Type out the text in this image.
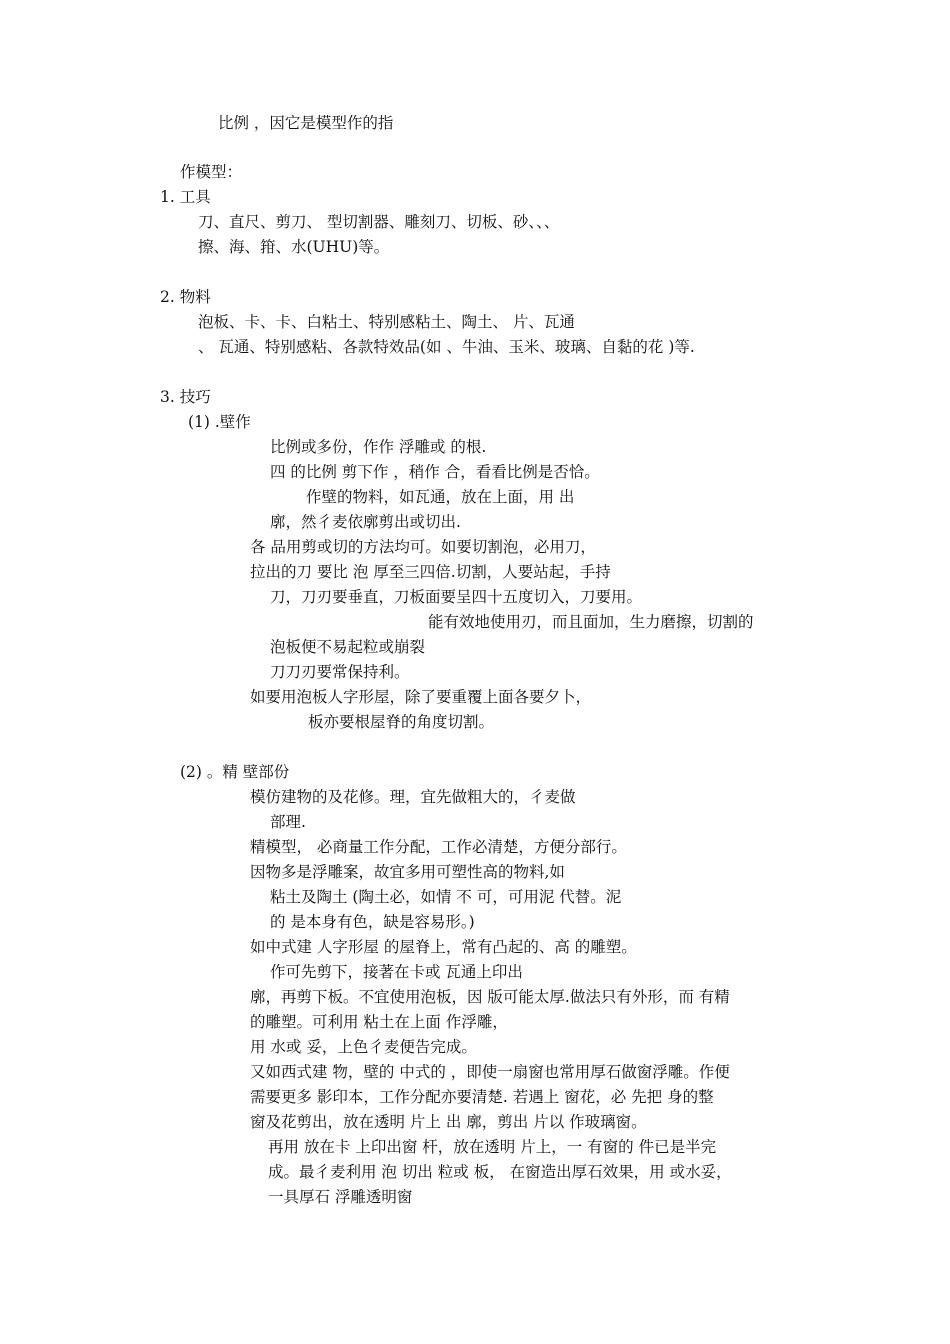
比例 ，因它是模型作的指
作模型：
1. 工具
刀、直尺、剪刀、 型切割器、雕刻刀、切板、砂、、、
擦、海、箝、水(UHU)等。
2. 物料
泡板、卡、卡、白粘土、特别感粘土、陶土、 片、瓦通
、 瓦通、特别感粘、各款特效品(如 、牛油、玉米、玻璃、自黏的花 )等.
3. 技巧
(1) .壁作
比例或多份，作作 浮雕或 的根.
四 的比例 剪下作 ，稍作 合，看看比例是否恰。
作壁的物料，如瓦通，放在上面，用 出
廓，然彳麦依廓剪出或切出.
各 品用剪或切的方法均可。如要切割泡，必用刀，
拉出的刀 要比 泡 厚至三四倍.切割，人要站起，手持
刀，刀刃要垂直，刀板面要呈四十五度切入，刀要用。
能有效地使用刃，而且面加，生力磨擦，切割的
泡板便不易起粒或崩裂
刀刀刃要常保持利。
如要用泡板人字形屋，除了要重覆上面各要夕卜，
板亦要根屋脊的角度切割。
(2) 。精 壁部份
模仿建物的及花修。理，宜先做粗大的，彳麦做
部理.
精模型， 必商量工作分配，工作必清楚，方便分部行。
因物多是浮雕案，故宜多用可塑性高的物料,如
粘土及陶土 (陶土必，如情 不 可，可用泥 代替。泥
的 是本身有色，缺是容易形。)
如中式建 人字形屋 的屋脊上，常有凸起的、高 的雕塑。
作可先剪下，接著在卡或 瓦通上印出
廓，再剪下板。不宜使用泡板，因 版可能太厚.做法只有外形，而 有精
的雕塑。可利用 粘土在上面 作浮雕，
用 水或 妥，上色彳麦便告完成。
又如西式建 物，壁的 中式的 ，即使一扇窗也常用厚石做窗浮雕。作便
需要更多 影印本，工作分配亦要清楚. 若遇上 窗花，必 先把 身的整
窗及花剪出，放在透明 片上 出 廓，剪出 片以 作玻璃窗。
再用 放在卡 上印出窗 杆，放在透明 片上，一 有窗的 件已是半完
成。最彳麦利用 泡 切出 粒或 板， 在窗造出厚石效果，用 或水妥，
一具厚石 浮雕透明窗
